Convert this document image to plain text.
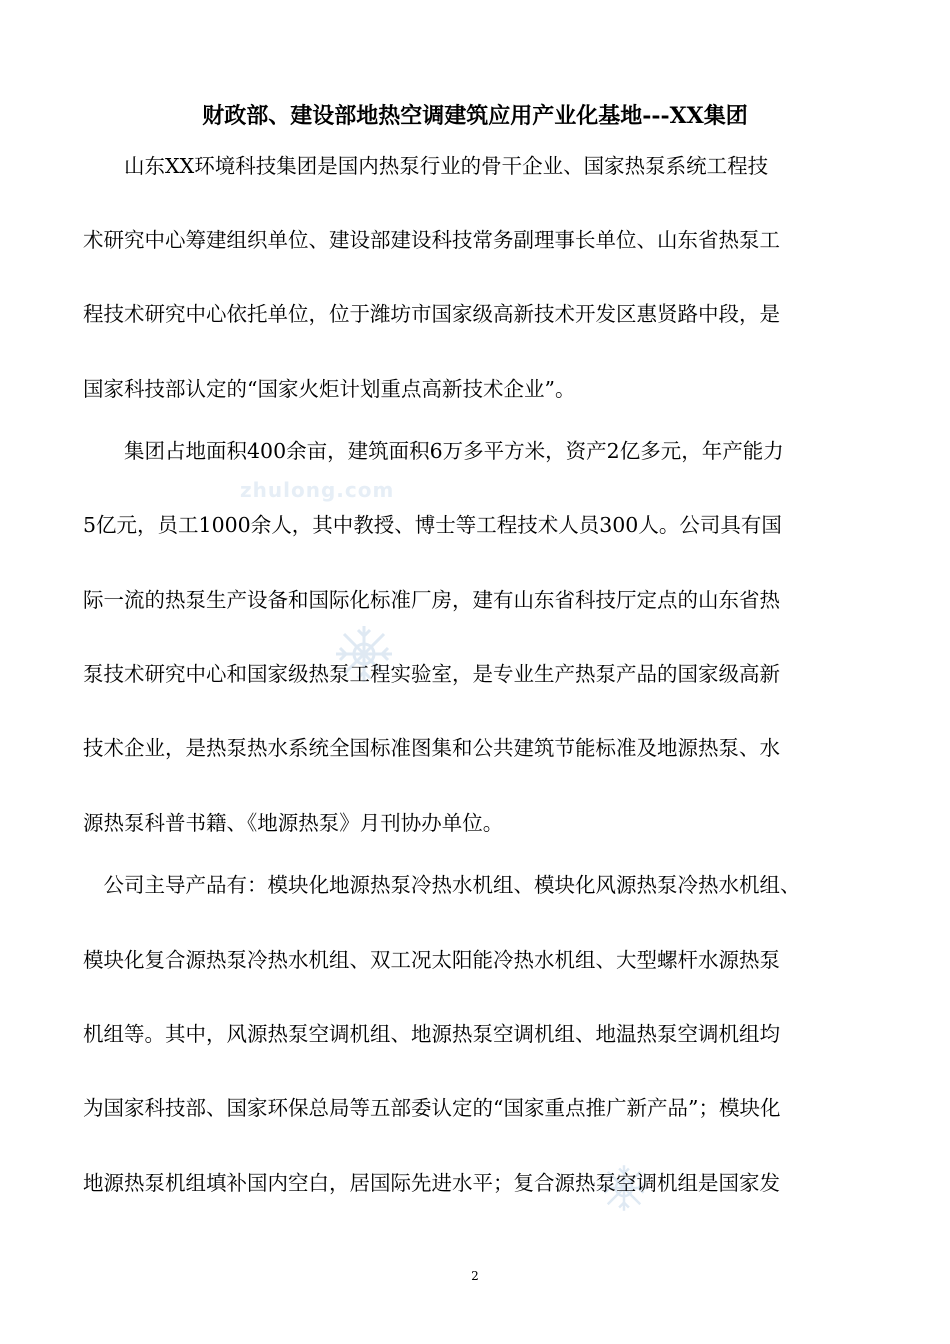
zhulong.com
财政部、建设部地热空调建筑应用产业化基地---XX集团
　　山东XX环境科技集团是国内热泵行业的骨干企业、国家热泵系统工程技
术研究中心筹建组织单位、建设部建设科技常务副理事长单位、山东省热泵工
程技术研究中心依托单位，位于潍坊市国家级高新技术开发区惠贤路中段，是
国家科技部认定的“国家火炬计划重点高新技术企业”。
　　集团占地面积400余亩，建筑面积6万多平方米，资产2亿多元，年产能力
5亿元，员工1000余人，其中教授、博士等工程技术人员300人。公司具有国
际一流的热泵生产设备和国际化标准厂房，建有山东省科技厅定点的山东省热
泵技术研究中心和国家级热泵工程实验室，是专业生产热泵产品的国家级高新
技术企业，是热泵热水系统全国标准图集和公共建筑节能标准及地源热泵、水
源热泵科普书籍、《地源热泵》月刊协办单位。
　公司主导产品有：模块化地源热泵冷热水机组、模块化风源热泵冷热水机组、
模块化复合源热泵冷热水机组、双工况太阳能冷热水机组、大型螺杆水源热泵
机组等。其中，风源热泵空调机组、地源热泵空调机组、地温热泵空调机组均
为国家科技部、国家环保总局等五部委认定的“国家重点推广新产品”；模块化
地源热泵机组填补国内空白，居国际先进水平；复合源热泵空调机组是国家发
2
